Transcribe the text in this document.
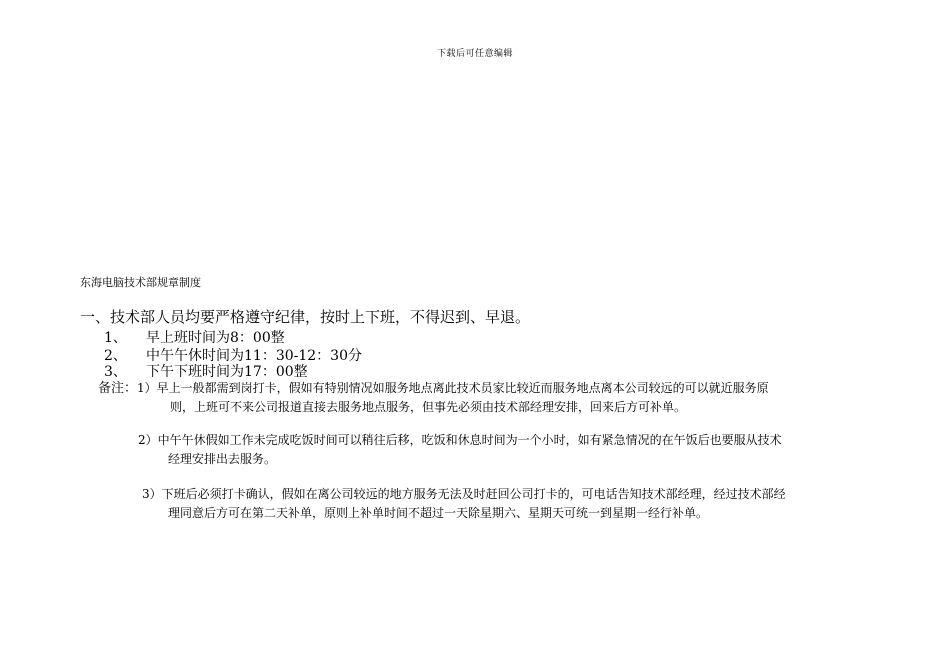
下载后可任意编辑
东海电脑技术部规章制度
一、技术部人员均要严格遵守纪律，按时上下班，不得迟到、早退。
1、 早上班时间为8：00整
2、 中午午休时间为11：30-12：30分
3、 下午下班时间为17：00整
备注：1）早上一般都需到岗打卡，假如有特别情况如服务地点离此技术员家比较近而服务地点离本公司较远的可以就近服务原
则，上班可不来公司报道直接去服务地点服务，但事先必须由技术部经理安排，回来后方可补单。
2）中午午休假如工作未完成吃饭时间可以稍往后移，吃饭和休息时间为一个小时，如有紧急情况的在午饭后也要服从技术
经理安排出去服务。
3）下班后必须打卡确认，假如在离公司较远的地方服务无法及时赶回公司打卡的，可电话告知技术部经理，经过技术部经
理同意后方可在第二天补单，原则上补单时间不超过一天除星期六、星期天可统一到星期一经行补单。
